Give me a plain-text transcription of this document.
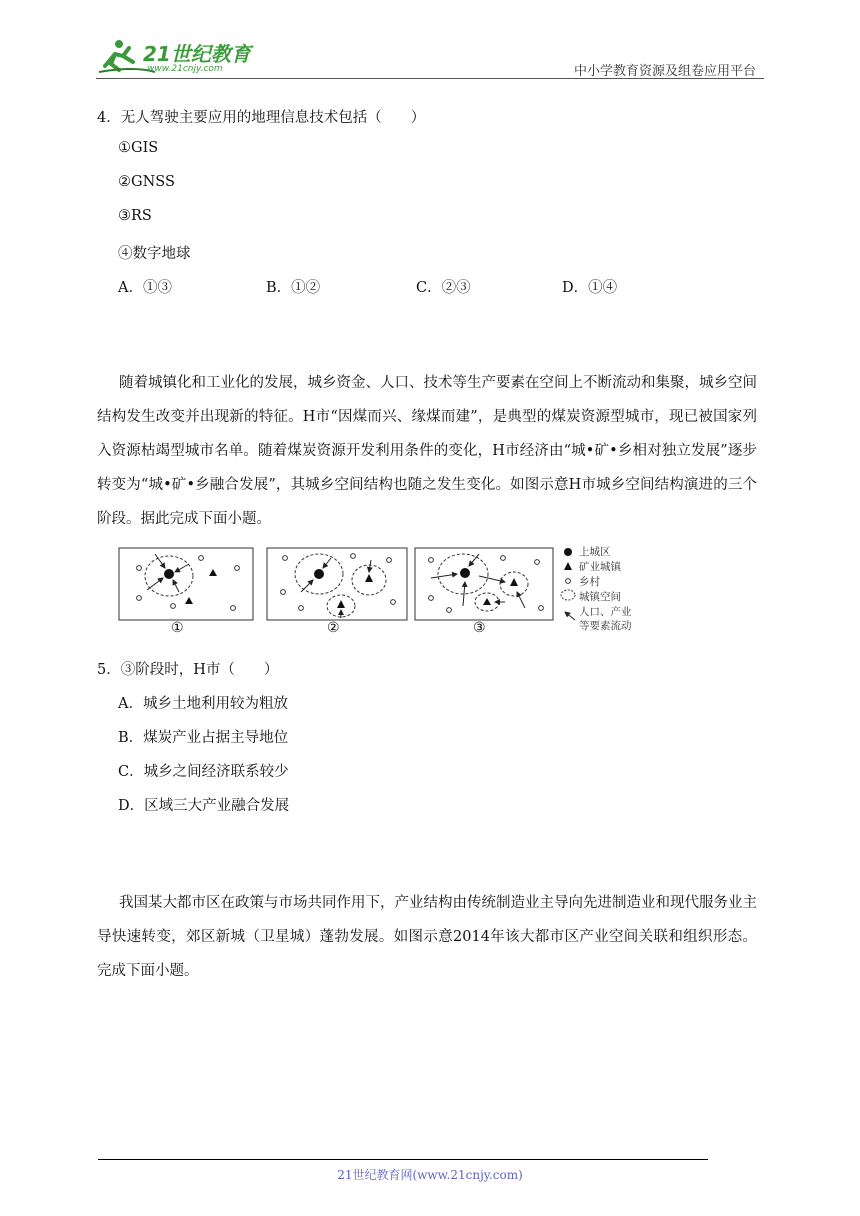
21世纪教育
www.21cnjy.com	中小学教育资源及组卷应用平台
4．无人驾驶主要应用的地理信息技术包括（　　）
①GIS
②GNSS
③RS
④数字地球
A．①③	B．①②	C．②③	D．①④
随着城镇化和工业化的发展，城乡资金、人口、技术等生产要素在空间上不断流动和集聚，城乡空间结构发生改变并出现新的特征。H市“因煤而兴、缘煤而建”，是典型的煤炭资源型城市，现已被国家列入资源枯竭型城市名单。随着煤炭资源开发利用条件的变化，H市经济由“城•矿•乡相对独立发展”逐步转变为“城•矿•乡融合发展”，其城乡空间结构也随之发生变化。如图示意H市城乡空间结构演进的三个阶段。据此完成下面小题。
①	②	③
上城区
矿业城镇
乡村
城镇空间
人口、产业
等要素流动
5．③阶段时，H市（　　）
A．城乡土地利用较为粗放
B．煤炭产业占据主导地位
C．城乡之间经济联系较少
D．区域三大产业融合发展
我国某大都市区在政策与市场共同作用下，产业结构由传统制造业主导向先进制造业和现代服务业主导快速转变，郊区新城（卫星城）蓬勃发展。如图示意2014年该大都市区产业空间关联和组织形态。完成下面小题。
21世纪教育网(www.21cnjy.com)
